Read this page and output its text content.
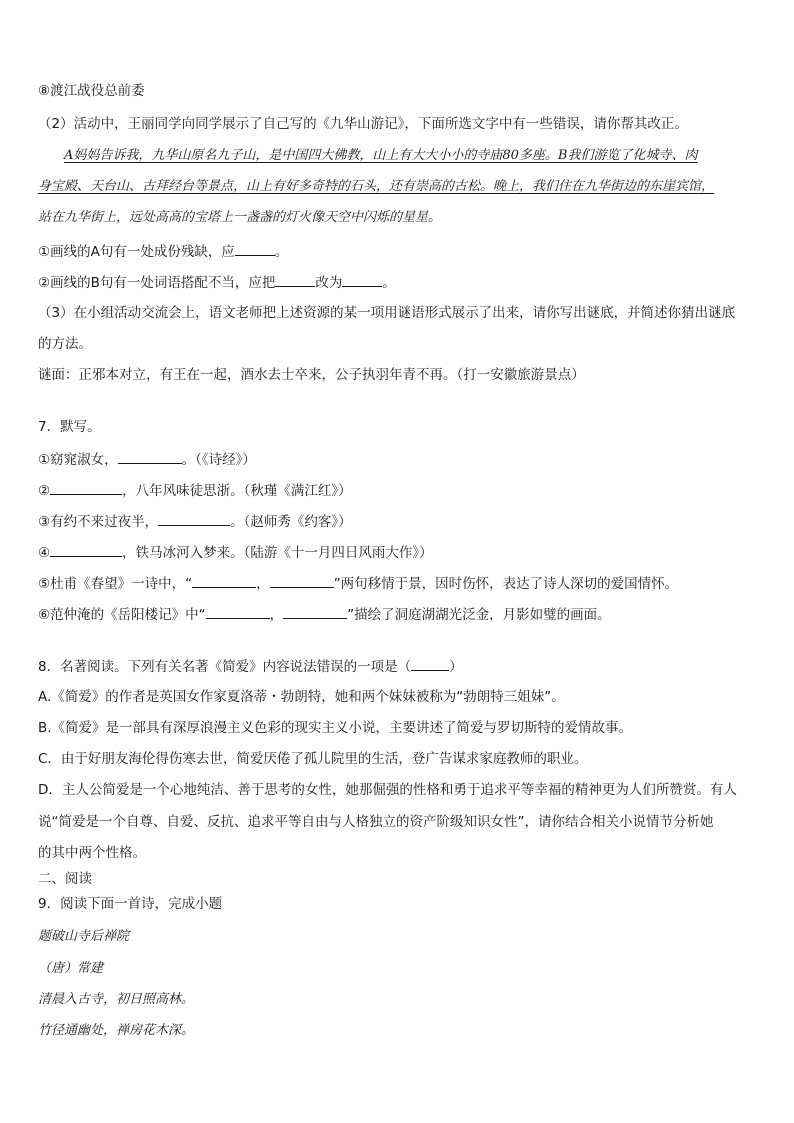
⑧渡江战役总前委
（2）活动中，王丽同学向同学展示了自己写的《九华山游记》，下面所选文字中有一些错误，请你帮其改正。
A妈妈告诉我，九华山原名九子山，是中国四大佛教，山上有大大小小的寺庙80多座。B我们游览了化城寺、肉
身宝殿、天台山、古拜经台等景点，山上有好多奇特的石头，还有崇高的古松。晚上，我们住在九华街边的东崖宾馆，
站在九华街上，远处高高的宝塔上一盏盏的灯火像天空中闪烁的星星。
①画线的A句有一处成份残缺，应	。
②画线的B句有一处词语搭配不当，应把	改为	。
（3）在小组活动交流会上，语文老师把上述资源的某一项用谜语形式展示了出来，请你写出谜底，并简述你猜出谜底
的方法。
谜面：正邪本对立，有王在一起，酒水去士卒来，公子执羽年青不再。（打一安徽旅游景点）
7．默写。
①窈窕淑女，	。（《诗经》）
②	，八年风味徒思浙。（秋瑾《满江红》）
③有约不来过夜半，	。（赵师秀《约客》）
④	，铁马冰河入梦来。（陆游《十一月四日风雨大作》）
⑤杜甫《春望》一诗中，“	，	”两句移情于景，因时伤怀，表达了诗人深切的爱国情怀。
⑥范仲淹的《岳阳楼记》中“	，	”描绘了洞庭湖湖光泛金，月影如璧的画面。
8．名著阅读。下列有关名著《简爱》内容说法错误的一项是（	）
A.《简爱》的作者是英国女作家夏洛蒂・勃朗特，她和两个妹妹被称为“勃朗特三姐妹”。
B.《简爱》是一部具有深厚浪漫主义色彩的现实主义小说，主要讲述了简爱与罗切斯特的爱情故事。
C．由于好朋友海伦得伤寒去世，简爱厌倦了孤儿院里的生活，登广告谋求家庭教师的职业。
D．主人公简爱是一个心地纯洁、善于思考的女性，她那倔强的性格和勇于追求平等幸福的精神更为人们所赞赏。有人
说“简爱是一个自尊、自爱、反抗、追求平等自由与人格独立的资产阶级知识女性”，请你结合相关小说情节分析她
的其中两个性格。
二、阅读
9．阅读下面一首诗，完成小题
题破山寺后禅院
（唐）常建
清晨入古寺，初日照高林。
竹径通幽处，禅房花木深。
